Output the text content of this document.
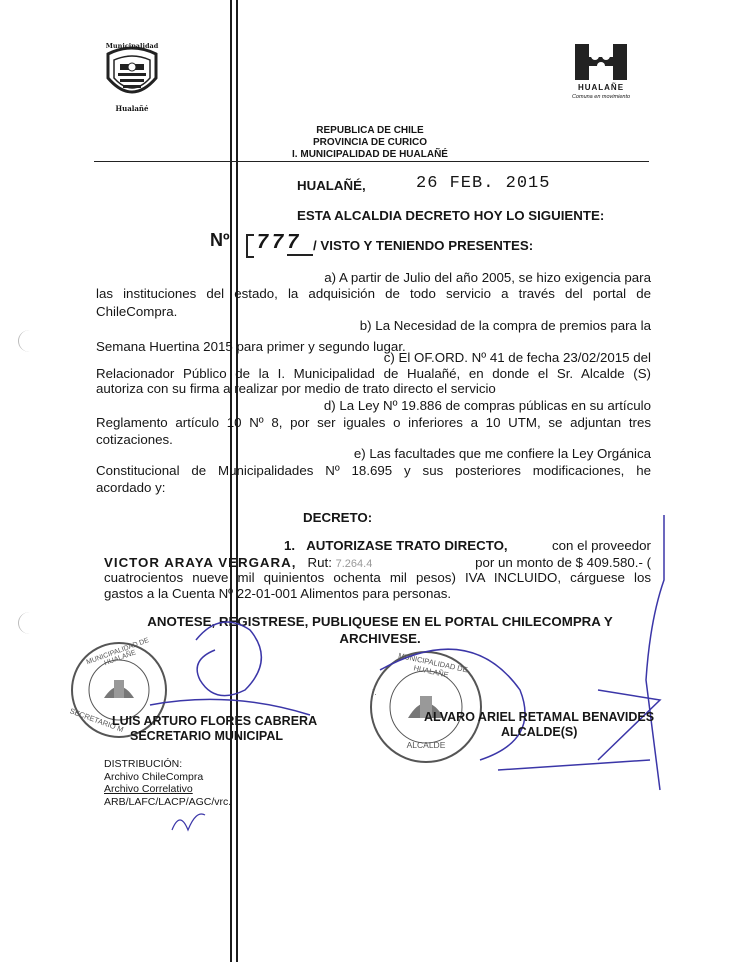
Municipalidad
Hualañé
HUALAÑE
Comuna en movimiento
REPUBLICA DE CHILE
PROVINCIA DE CURICO
I. MUNICIPALIDAD DE HUALAÑÉ
HUALAÑÉ,	26 FEB. 2015
ESTA ALCALDIA DECRETO HOY LO SIGUIENTE:
Nº 777 / VISTO Y TENIENDO PRESENTES:
a) A partir de Julio del año 2005, se hizo exigencia para
las instituciones del estado, la adquisición de todo servicio a través del portal de
ChileCompra.
b) La Necesidad de la compra de premios para la
Semana Huertina 2015 para primer y segundo lugar.
c) El OF.ORD. Nº 41 de fecha 23/02/2015 del
Relacionador Público de la I. Municipalidad de Hualañé, en donde el Sr. Alcalde (S)
autoriza con su firma a realizar por medio de trato directo el servicio
d) La Ley Nº 19.886 de compras públicas en su artículo
Reglamento artículo 10 Nº 8, por ser iguales o inferiores a 10 UTM, se adjuntan tres
cotizaciones.
e) Las facultades que me confiere la Ley Orgánica
Constitucional de Municipalidades Nº 18.695 y sus posteriores modificaciones, he
acordado y:
DECRETO:
1. AUTORIZASE TRATO DIRECTO,	con el proveedor
VICTOR ARAYA VERGARA, Rut: 7.264.4	por un monto de $ 409.580.- (
cuatrocientos nueve mil quinientos ochenta mil pesos) IVA INCLUIDO, cárguese los
gastos a la Cuenta Nº 22-01-001 Alimentos para personas.
ANOTESE, REGISTRESE, PUBLIQUESE EN EL PORTAL CHILECOMPRA Y
ARCHIVESE.
MUNICIPALIDAD DE HUALAÑE
SECRETARIO M
MUNICIPALIDAD DE HUALAÑE
I.
ALCALDE
LUIS ARTURO FLORES CABRERA
SECRETARIO MUNICIPAL
ALVARO ARIEL RETAMAL BENAVIDES
ALCALDE(S)
DISTRIBUCIÓN:
Archivo ChileCompra
Archivo Correlativo
ARB/LAFC/LACP/AGC/vrc.
